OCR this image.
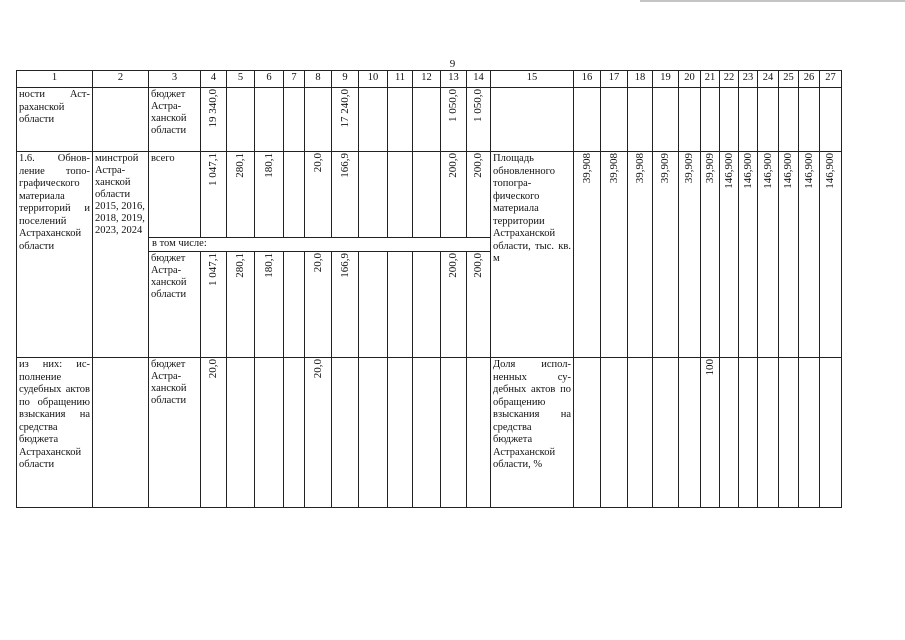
9
1	2	3	4	5	6	7	8	9	10	11	12	13	14	15	16	17	18	19	20	21	22	23	24	25	26	27
ности Астраханской области		бюджет Астраханской области	19 340,0					17 240,0				1 050,0	1 050,0													
1.6. Обновление топографического материала территорий и поселений Астраханской области	минстрой Астраханской области 2015, 2016, 2018, 2019, 2023, 2024	всего	1 047,1	280,1	180,1		20,0	166,9				200,0	200,0	Площадь обновленного топографического материала территории Астраханской области, тыс. кв. м	39,908	39,908	39,908	39,909	39,909	39,909	146,900	146,900	146,900	146,900	146,900	146,900
		в том числе:																								
		бюджет Астраханской области	1 047,1	280,1	180,1		20,0	166,9				200,0	200,0													
из них: исполнение судебных актов по обращению взыскания на средства бюджета Астраханской области		бюджет Астраханской области	20,0				20,0							Доля исполненных судебных актов по обращению взыскания на средства бюджета Астраханской области, %						100						
